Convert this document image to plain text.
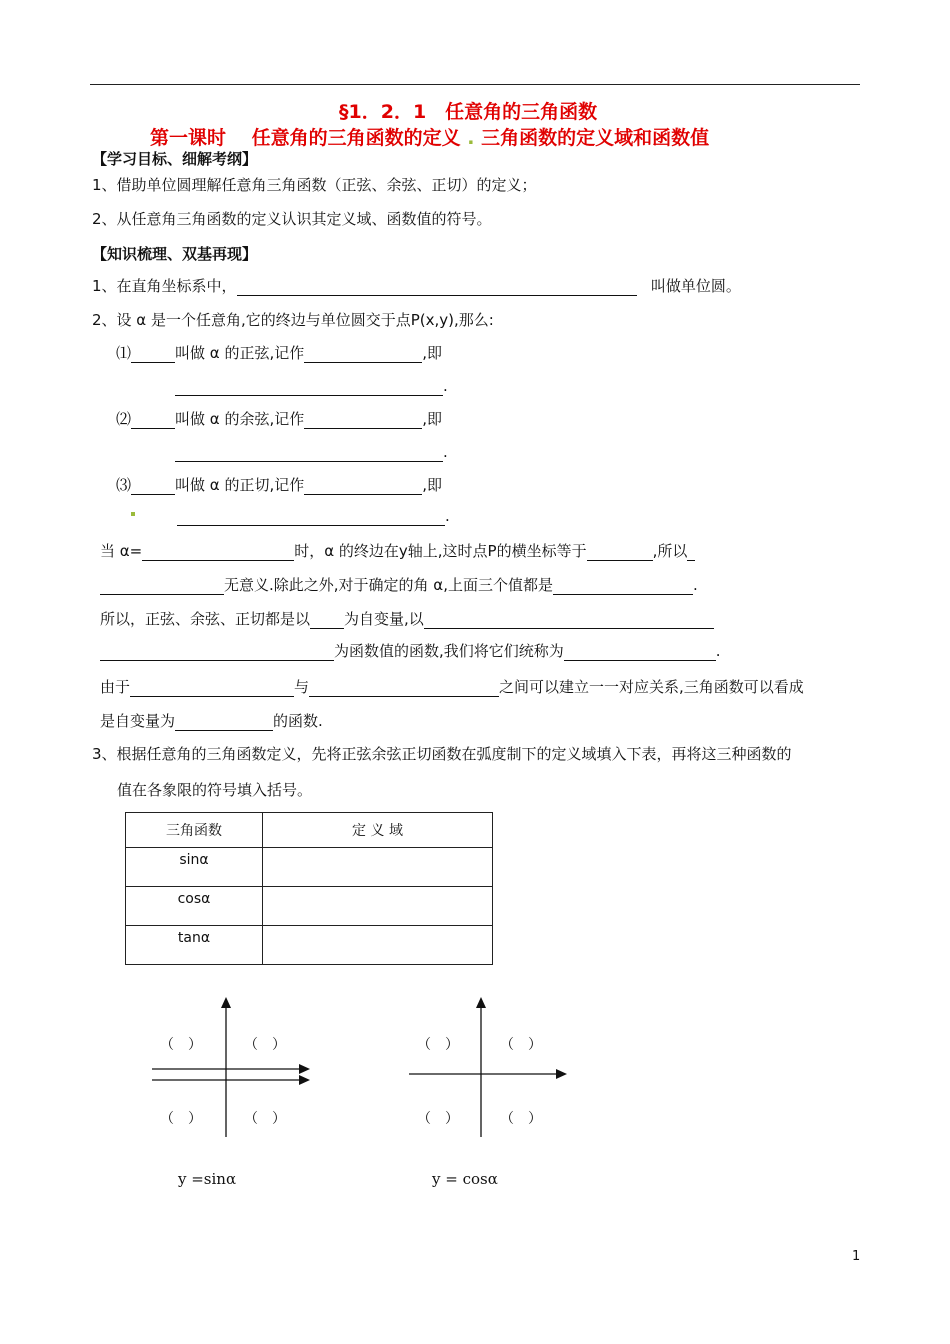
§1．2．1　任意角的三角函数
第一课时　 任意角的三角函数的定义 . 三角函数的定义域和函数值
【学习目标、细解考纲】
1、借助单位圆理解任意角三角函数（正弦、余弦、正切）的定义；
2、从任意角三角函数的定义认识其定义域、函数值的符号。
【知识梳理、双基再现】
1、在直角坐标系中，	叫做单位圆。
2、设 α 是一个任意角,它的终边与单位圆交于点P(x,y),那么:
⑴	叫做 α 的正弦,记作	,即
.
⑵	叫做 α 的余弦,记作	,即
.
⑶	叫做 α 的正切,记作	,即
.
当 α=	时，α 的终边在y轴上,这时点P的横坐标等于	,所以
无意义.除此之外,对于确定的角 α,上面三个值都是	.
所以，正弦、余弦、正切都是以 为自变量,以
为函数值的函数,我们将它们统称为	.
由于	与	之间可以建立一一对应关系,三角函数可以看成
是自变量为	的函数.
3、根据任意角的三角函数定义，先将正弦余弦正切函数在弧度制下的定义域填入下表，再将这三种函数的
值在各象限的符号填入括号。
三角函数	定 义 域
sinα	
cosα	
tanα	
（　）	（　）
（　）	（　）
y =sinα
（　）	（　）
（　）	（　）
y = cosα
1
